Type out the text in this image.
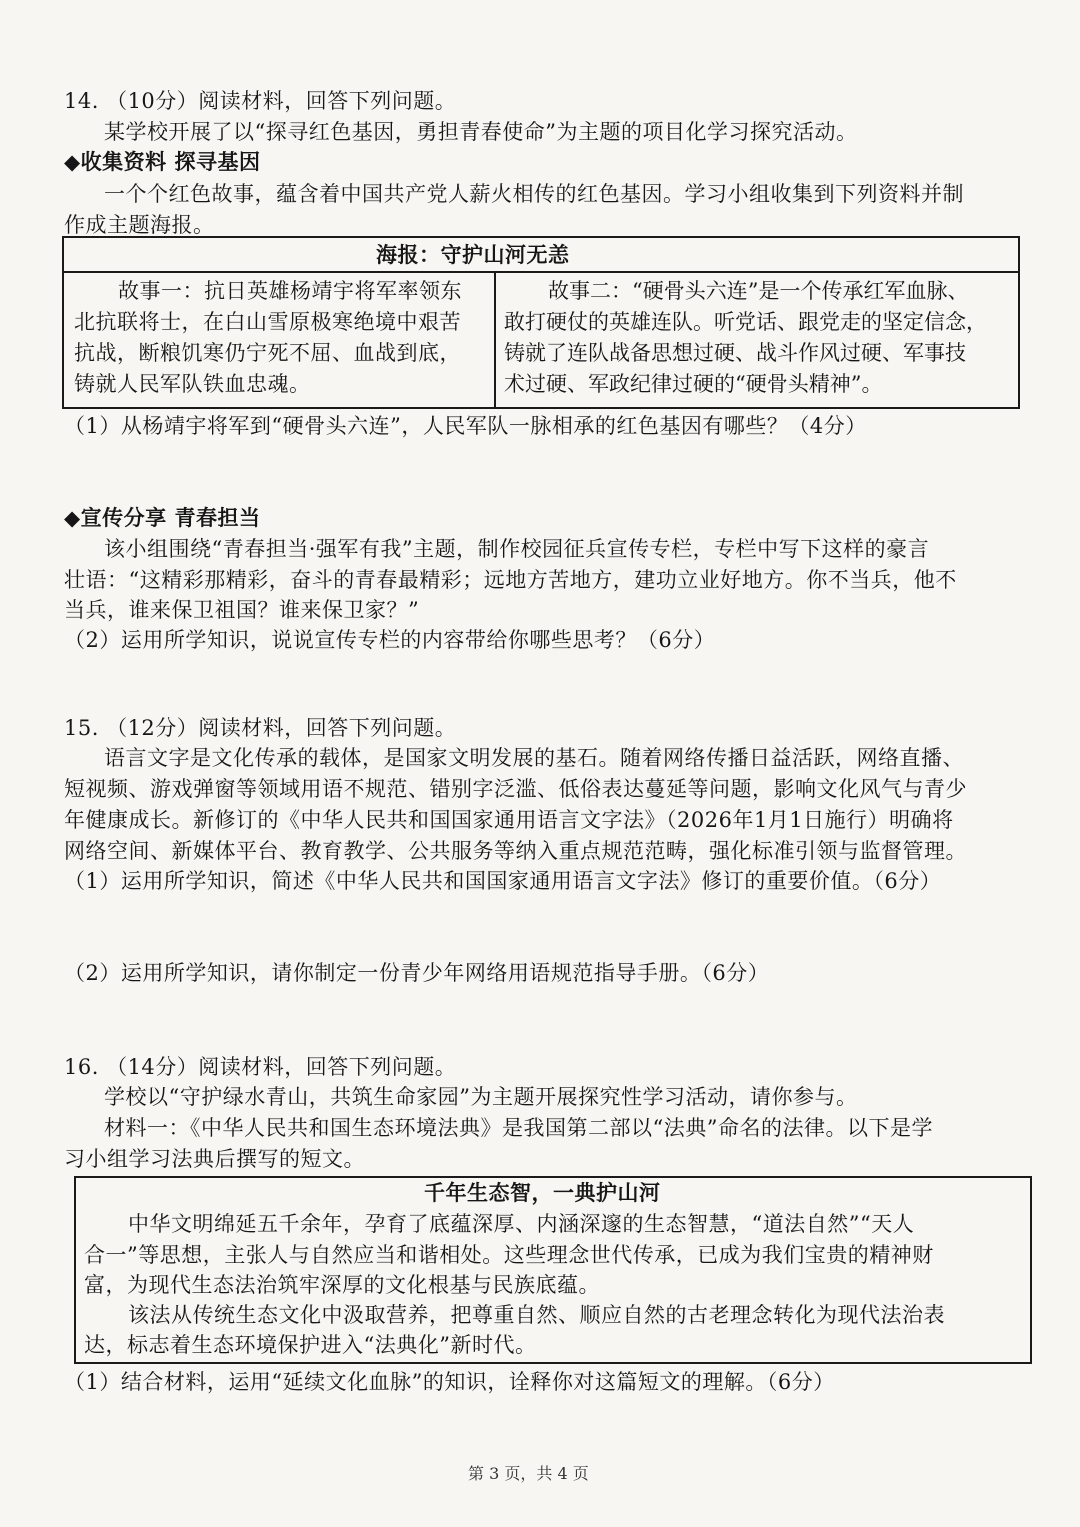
14. （10分）阅读材料，回答下列问题。
某学校开展了以“探寻红色基因，勇担青春使命”为主题的项目化学习探究活动。
◆收集资料 探寻基因
一个个红色故事，蕴含着中国共产党人薪火相传的红色基因。学习小组收集到下列资料并制
作成主题海报。
海报：守护山河无恙
故事一：抗日英雄杨靖宇将军率领东
北抗联将士，在白山雪原极寒绝境中艰苦
抗战，断粮饥寒仍宁死不屈、血战到底，
铸就人民军队铁血忠魂。
故事二：“硬骨头六连”是一个传承红军血脉、
敢打硬仗的英雄连队。听党话、跟党走的坚定信念，
铸就了连队战备思想过硬、战斗作风过硬、军事技
术过硬、军政纪律过硬的“硬骨头精神”。
（1）从杨靖宇将军到“硬骨头六连”，人民军队一脉相承的红色基因有哪些？（4分）
◆宣传分享 青春担当
该小组围绕“青春担当·强军有我”主题，制作校园征兵宣传专栏，专栏中写下这样的豪言
壮语：“这精彩那精彩，奋斗的青春最精彩；远地方苦地方，建功立业好地方。你不当兵，他不
当兵，谁来保卫祖国？谁来保卫家？”
（2）运用所学知识，说说宣传专栏的内容带给你哪些思考？（6分）
15. （12分）阅读材料，回答下列问题。
语言文字是文化传承的载体，是国家文明发展的基石。随着网络传播日益活跃，网络直播、
短视频、游戏弹窗等领域用语不规范、错别字泛滥、低俗表达蔓延等问题，影响文化风气与青少
年健康成长。新修订的《中华人民共和国国家通用语言文字法》（2026年1月1日施行）明确将
网络空间、新媒体平台、教育教学、公共服务等纳入重点规范范畴，强化标准引领与监督管理。
（1）运用所学知识，简述《中华人民共和国国家通用语言文字法》修订的重要价值。（6分）
（2）运用所学知识，请你制定一份青少年网络用语规范指导手册。（6分）
16. （14分）阅读材料，回答下列问题。
学校以“守护绿水青山，共筑生命家园”为主题开展探究性学习活动，请你参与。
材料一：《中华人民共和国生态环境法典》是我国第二部以“法典”命名的法律。以下是学
习小组学习法典后撰写的短文。
千年生态智，一典护山河
中华文明绵延五千余年，孕育了底蕴深厚、内涵深邃的生态智慧，“道法自然”“天人
合一”等思想，主张人与自然应当和谐相处。这些理念世代传承，已成为我们宝贵的精神财
富，为现代生态法治筑牢深厚的文化根基与民族底蕴。
该法从传统生态文化中汲取营养，把尊重自然、顺应自然的古老理念转化为现代法治表
达，标志着生态环境保护进入“法典化”新时代。
（1）结合材料，运用“延续文化血脉”的知识，诠释你对这篇短文的理解。（6分）
第 3 页，共 4 页
